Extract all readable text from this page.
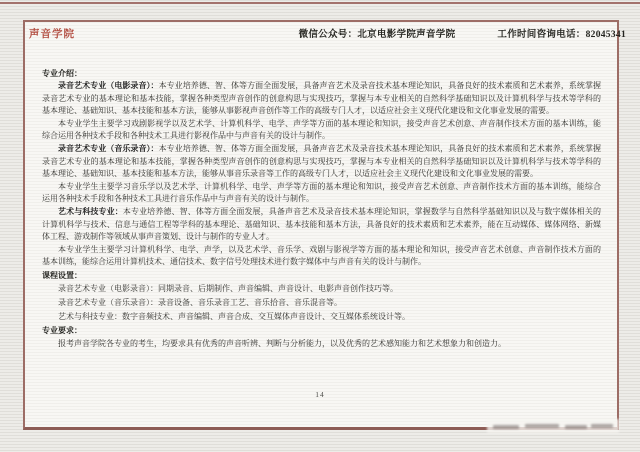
声音学院	微信公众号：北京电影学院声音学院	工作时间咨询电话：82045341

专业介绍：

录音艺术专业（电影录音）：本专业培养德、智、体等方面全面发展，具备声音艺术及录音技术基本理论知识，具备良好的技术素质和艺术素养，系统掌握录音艺术专业的基本理论和基本技能，掌握各种类型声音创作的创意构思与实现技巧，掌握与本专业相关的自然科学基础知识以及计算机科学与技术等学科的基本理论、基础知识、基本技能和基本方法，能够从事影视声音创作等工作的高级专门人才，以适应社会主义现代化建设和文化事业发展的需要。

本专业学生主要学习戏剧影视学以及艺术学、计算机科学、电学、声学等方面的基本理论和知识，接受声音艺术创意、声音制作技术方面的基本训练，能综合运用各种技术手段和各种技术工具进行影视作品中与声音有关的设计与制作。

录音艺术专业（音乐录音）：本专业培养德、智、体等方面全面发展，具备声音艺术及录音技术基本理论知识，具备良好的技术素质和艺术素养，系统掌握录音艺术专业的基本理论和基本技能，掌握各种类型声音创作的创意构思与实现技巧，掌握与本专业相关的自然科学基础知识以及计算机科学与技术等学科的基本理论、基础知识、基本技能和基本方法，能够从事音乐录音等工作的高级专门人才，以适应社会主义现代化建设和文化事业发展的需要。

本专业学生主要学习音乐学以及艺术学、计算机科学、电学、声学等方面的基本理论和知识，接受声音艺术创意、声音制作技术方面的基本训练，能综合运用各种技术手段和各种技术工具进行音乐作品中与声音有关的设计与制作。

艺术与科技专业：本专业培养德、智、体等方面全面发展，具备声音艺术及录音技术基本理论知识，掌握数学与自然科学基础知识以及与数字媒体相关的计算机科学与技术、信息与通信工程等学科的基本理论、基础知识、基本技能和基本方法，具备良好的技术素质和艺术素养，能在互动媒体、媒体网络、新媒体工程、游戏制作等领域从事声音策划、设计与制作的专业人才。

本专业学生主要学习计算机科学、电学、声学，以及艺术学、音乐学、戏剧与影视学等方面的基本理论和知识，接受声音艺术创意、声音制作技术方面的基本训练，能综合运用计算机技术、通信技术、数字信号处理技术进行数字媒体中与声音有关的设计与制作。

课程设置：

录音艺术专业（电影录音）：同期录音、后期制作、声音编辑、声音设计、电影声音创作技巧等。

录音艺术专业（音乐录音）：录音设备、音乐录音工艺、音乐拾音、音乐混音等。

艺术与科技专业：数字音频技术、声音编辑、声音合成、交互媒体声音设计、交互媒体系统设计等。

专业要求：

报考声音学院各专业的考生，均要求具有优秀的声音听辨、判断与分析能力，以及优秀的艺术感知能力和艺术想象力和创造力。

14
